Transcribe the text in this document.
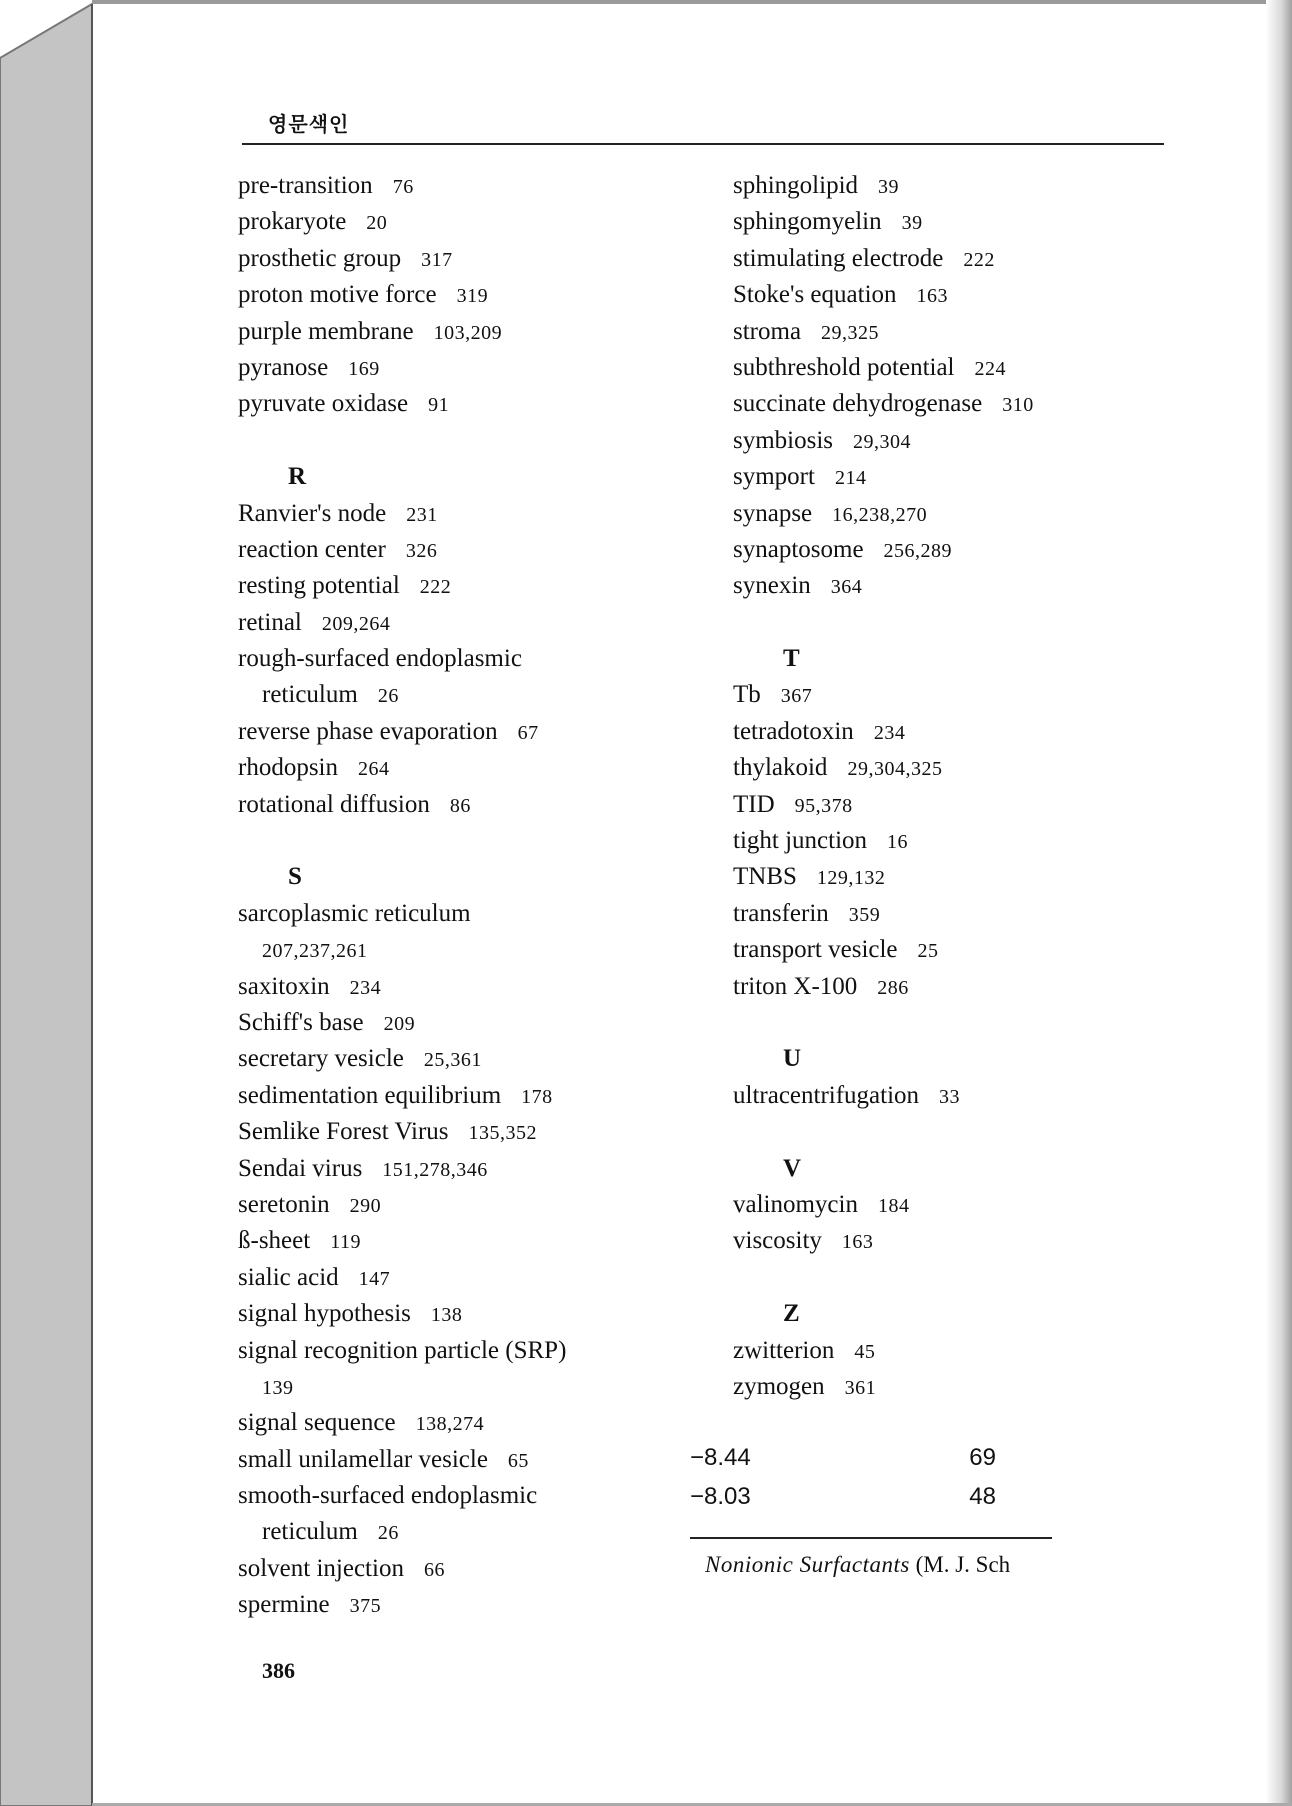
영문색인
pre-transition 76
prokaryote 20
prosthetic group 317
proton motive force 319
purple membrane 103,209
pyranose 169
pyruvate oxidase 91

R
Ranvier's node 231
reaction center 326
resting potential 222
retinal 209,264
rough-surfaced endoplasmic
reticulum 26
reverse phase evaporation 67
rhodopsin 264
rotational diffusion 86

S
sarcoplasmic reticulum
207,237,261
saxitoxin 234
Schiff's base 209
secretary vesicle 25,361
sedimentation equilibrium 178
Semlike Forest Virus 135,352
Sendai virus 151,278,346
seretonin 290
ß-sheet 119
sialic acid 147
signal hypothesis 138
signal recognition particle (SRP)
139
signal sequence 138,274
small unilamellar vesicle 65
smooth-surfaced endoplasmic
reticulum 26
solvent injection 66
spermine 375
sphingolipid 39
sphingomyelin 39
stimulating electrode 222
Stoke's equation 163
stroma 29,325
subthreshold potential 224
succinate dehydrogenase 310
symbiosis 29,304
symport 214
synapse 16,238,270
synaptosome 256,289
synexin 364

T
Tb 367
tetradotoxin 234
thylakoid 29,304,325
TID 95,378
tight junction 16
TNBS 129,132
transferin 359
transport vesicle 25
triton X-100 286

U
ultracentrifugation 33

V
valinomycin 184
viscosity 163

Z
zwitterion 45
zymogen 361
−8.44	69
−8.03	48
Nonionic Surfactants (M. J. Sch
386
